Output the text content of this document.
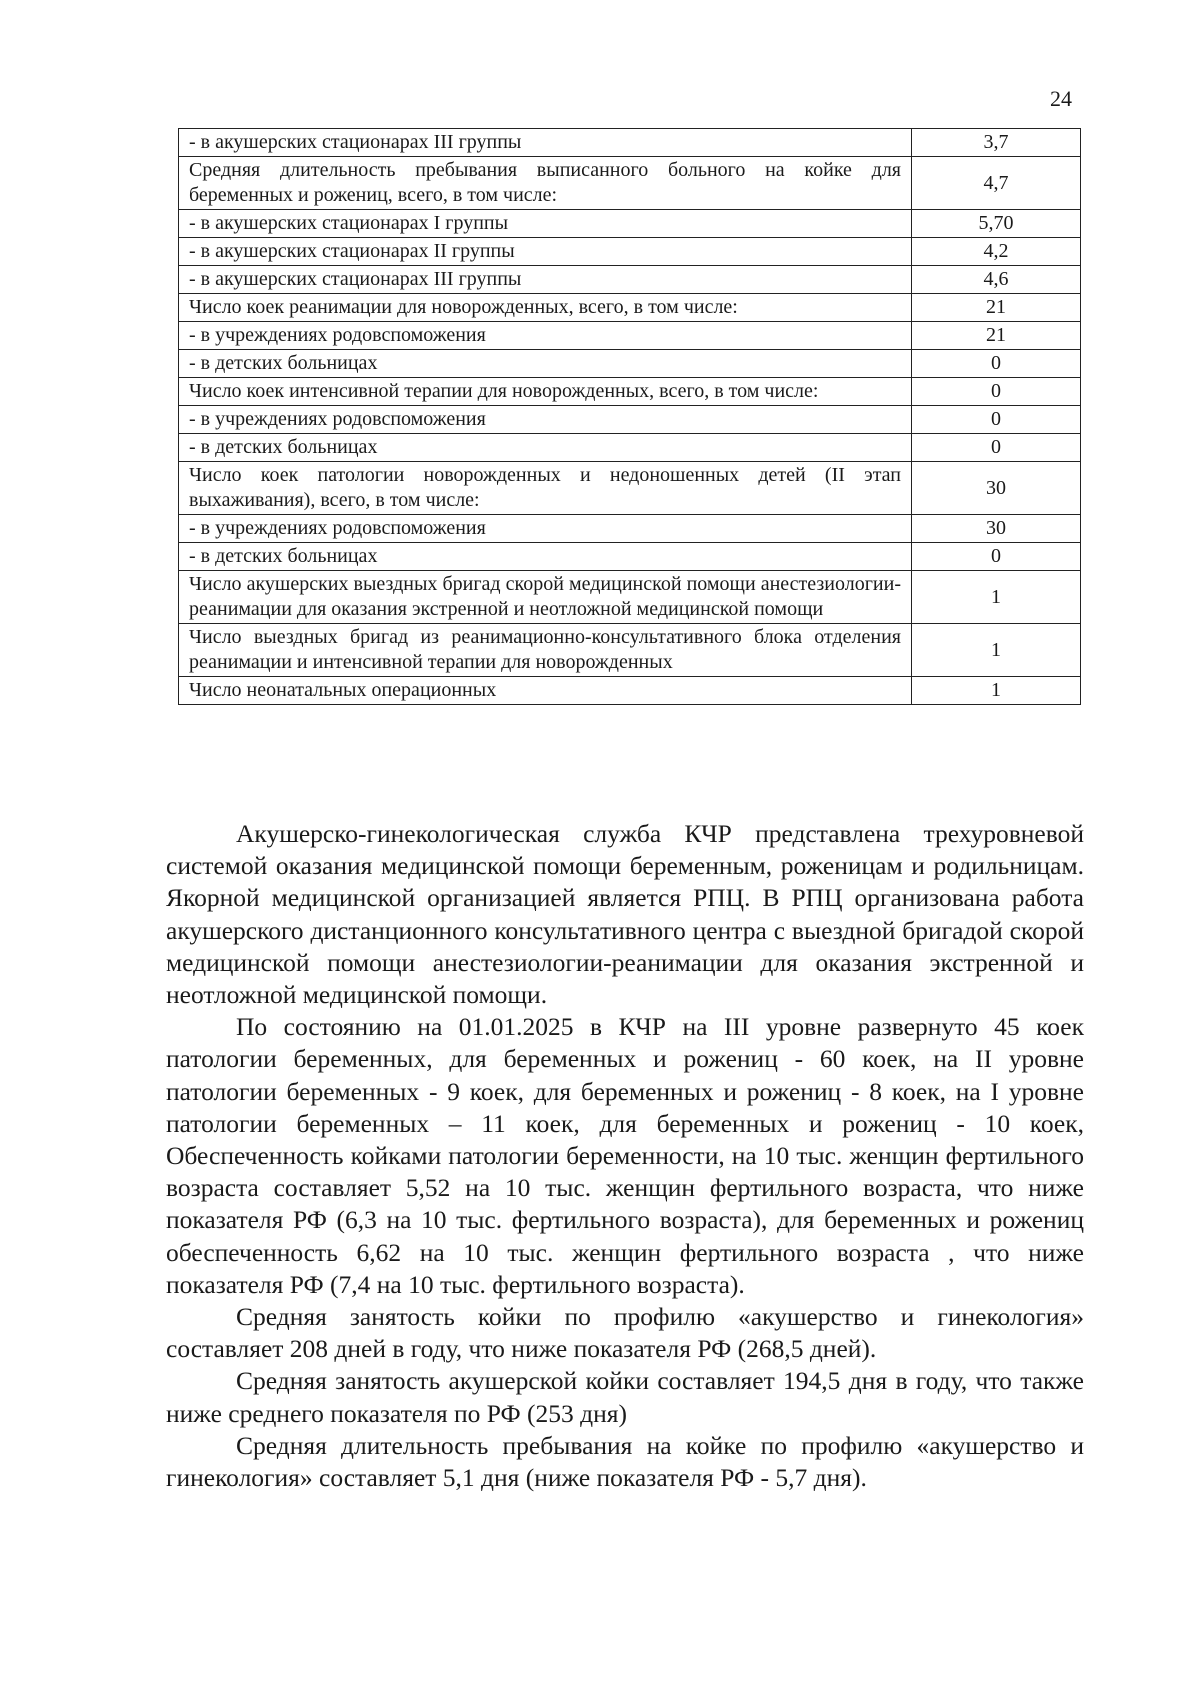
24
- в акушерских стационарах III группы	3,7
Средняя длительность пребывания выписанного больного на койке для беременных и рожениц, всего, в том числе:	4,7
- в акушерских стационарах I группы	5,70
- в акушерских стационарах II группы	4,2
- в акушерских стационарах III группы	4,6
Число коек реанимации для новорожденных, всего, в том числе:	21
- в учреждениях родовспоможения	21
- в детских больницах	0
Число коек интенсивной терапии для новорожденных, всего, в том числе:	0
- в учреждениях родовспоможения	0
- в детских больницах	0
Число коек патологии новорожденных и недоношенных детей (II этап выхаживания), всего, в том числе:	30
- в учреждениях родовспоможения	30
- в детских больницах	0
Число акушерских выездных бригад скорой медицинской помощи анестезиологии-реанимации для оказания экстренной и неотложной медицинской помощи	1
Число выездных бригад из реанимационно-консультативного блока отделения реанимации и интенсивной терапии для новорожденных	1
Число неонатальных операционных	1

Акушерско-гинекологическая служба КЧР представлена трехуровневой системой оказания медицинской помощи беременным, роженицам и родильницам. Якорной медицинской организацией является РПЦ. В РПЦ организована работа акушерского дистанционного консультативного центра с выездной бригадой скорой медицинской помощи анестезиологии-реанимации для оказания экстренной и неотложной медицинской помощи.

По состоянию на 01.01.2025 в КЧР на III уровне развернуто 45 коек патологии беременных, для беременных и рожениц - 60 коек, на II уровне патологии беременных - 9 коек, для беременных и рожениц - 8 коек, на I уровне патологии беременных – 11 коек, для беременных и рожениц - 10 коек, Обеспеченность койками патологии беременности, на 10 тыс. женщин фертильного возраста составляет 5,52 на 10 тыс. женщин фертильного возраста, что ниже показателя РФ (6,3 на 10 тыс. фертильного возраста), для беременных и рожениц обеспеченность 6,62 на 10 тыс. женщин фертильного возраста , что ниже показателя РФ (7,4 на 10 тыс. фертильного возраста).

Средняя занятость койки по профилю «акушерство и гинекология» составляет 208 дней в году, что ниже показателя РФ (268,5 дней).

Средняя занятость акушерской койки составляет 194,5 дня в году, что также ниже среднего показателя по РФ (253 дня)

Средняя длительность пребывания на койке по профилю «акушерство и гинекология» составляет 5,1 дня (ниже показателя РФ - 5,7 дня).
